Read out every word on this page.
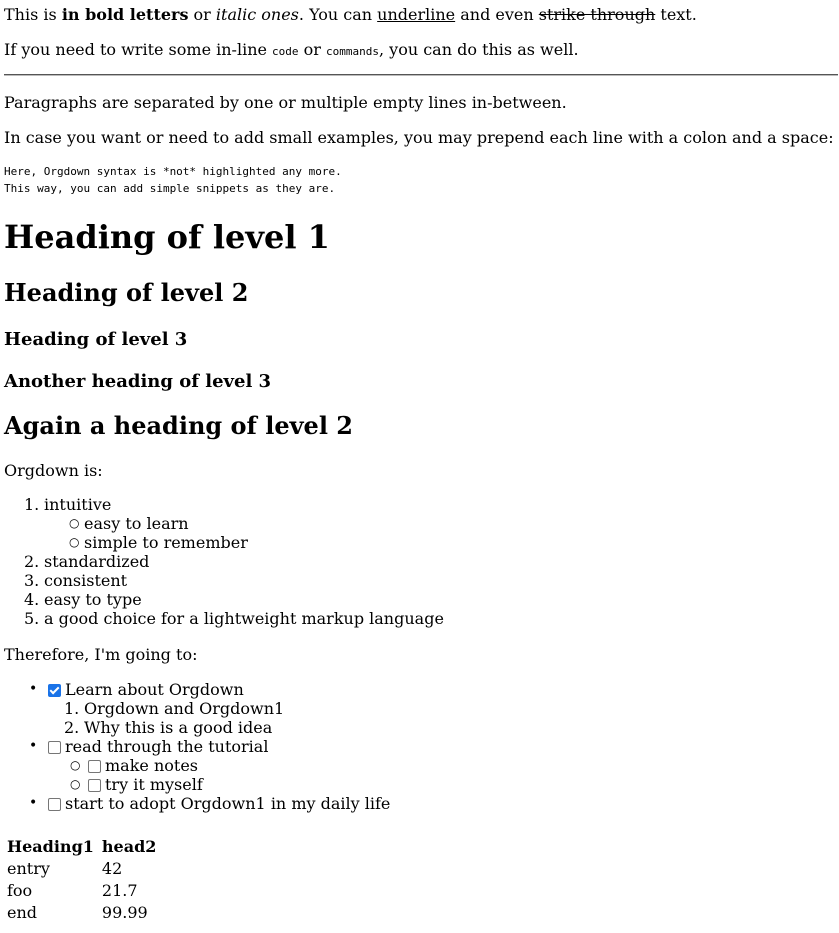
This is in bold letters or italic ones. You can underline and even strike through text.

If you need to write some in-line code or commands, you can do this as well.

Paragraphs are separated by one or multiple empty lines in-between.

In case you want or need to add small examples, you may prepend each line with a colon and a space:

Here, Orgdown syntax is *not* highlighted any more.
This way, you can add simple snippets as they are.
Heading of level 1
Heading of level 2
Heading of level 3
Another heading of level 3
Again a heading of level 2

Orgdown is:

1. intuitive
○ easy to learn
○ simple to remember
2. standardized
3. consistent
4. easy to type
5. a good choice for a lightweight markup language

Therefore, I'm going to:

• Learn about Orgdown
1. Orgdown and Orgdown1
2. Why this is a good idea
• read through the tutorial
○ make notes
○ try it myself
• start to adopt Orgdown1 in my daily life
Heading1	head2
entry	42
foo	21.7
end	99.99
